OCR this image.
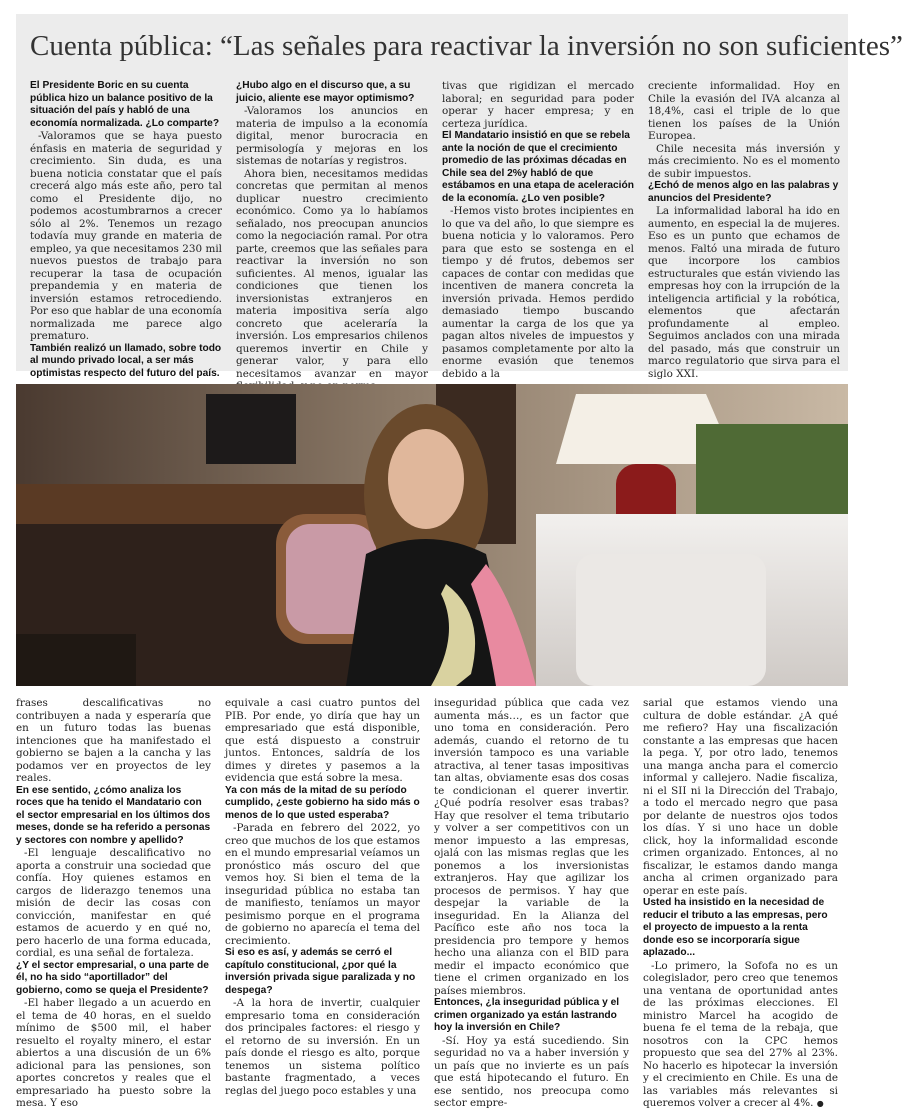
Cuenta pública: “Las señales para reactivar la inversión no son suficientes”

El Presidente Boric en su cuenta pública hizo un balance positivo de la situación del país y habló de una economía normalizada. ¿Lo comparte?

-Valoramos que se haya puesto énfasis en materia de seguridad y crecimiento. Sin duda, es una buena noticia constatar que el país crecerá algo más este año, pero tal como el Presidente dijo, no podemos acostumbrarnos a crecer sólo al 2%. Tenemos un rezago todavía muy grande en materia de empleo, ya que necesitamos 230 mil nuevos puestos de trabajo para recuperar la tasa de ocupación prepandemia y en materia de inversión estamos retrocediendo. Por eso que hablar de una economía normalizada me parece algo prematuro.

También realizó un llamado, sobre todo al mundo privado local, a ser más optimistas respecto del futuro del país.

¿Hubo algo en el discurso que, a su juicio, aliente ese mayor optimismo?

-Valoramos los anuncios en materia de impulso a la economía digital, menor burocracia en permisología y mejoras en los sistemas de notarías y registros.

Ahora bien, necesitamos medidas concretas que permitan al menos duplicar nuestro crecimiento económico. Como ya lo habíamos señalado, nos preocupan anuncios como la negociación ramal. Por otra parte, creemos que las señales para reactivar la inversión no son suficientes. Al menos, igualar las condiciones que tienen los inversionistas extranjeros en materia impositiva sería algo concreto que aceleraría la inversión. Los empresarios chilenos queremos invertir en Chile y generar valor, y para ello necesitamos avanzar en mayor

tivas que rigidizan el mercado laboral; en seguridad para poder operar y hacer empresa; y en certeza jurídica.

El Mandatario insistió en que se rebela ante la noción de que el crecimiento promedio de las próximas décadas en Chile sea del 2%y habló de que estábamos en una etapa de aceleración de la economía. ¿Lo ven posible?

-Hemos visto brotes incipientes en lo que va del año, lo que siempre es buena noticia y lo valoramos. Pero para que esto se sostenga en el tiempo y dé frutos, debemos ser capaces de contar con medidas que incentiven de manera concreta la inversión privada. Hemos perdido demasiado tiempo buscando aumentar la carga de los que ya pagan altos niveles de impuestos y pasamos completamente por alto la enorme evasión que tenemos debido a la

creciente informalidad. Hoy en Chile la evasión del IVA alcanza al 18,4%, casi el triple de lo que tienen los países de la Unión Europea.

Chile necesita más inversión y más crecimiento. No es el momento de subir impuestos.

¿Echó de menos algo en las palabras y anuncios del Presidente?

La informalidad laboral ha ido en aumento, en especial la de mujeres. Eso es un punto que echamos de menos. Faltó una mirada de futuro que incorpore los cambios estructurales que están viviendo las empresas hoy con la irrupción de la inteligencia artificial y la robótica, elementos que afectarán profundamente al empleo. Seguimos anclados con una mirada del pasado, más que construir un marco regulatorio que sirva para el siglo XXI.

frases descalificativas no contribuyen a nada y esperaría que en un futuro todas las buenas intenciones que ha manifestado el gobierno se bajen a la cancha y las podamos ver en proyectos de ley reales.

En ese sentido, ¿cómo analiza los roces que ha tenido el Mandatario con el sector empresarial en los últimos dos meses, donde se ha referido a personas y sectores con nombre y apellido?

-El lenguaje descalificativo no aporta a construir una sociedad que confía. Hoy quienes estamos en cargos de liderazgo tenemos una misión de decir las cosas con convicción, manifestar en qué estamos de acuerdo y en qué no, pero hacerlo de una forma educada, cordial, es una señal de fortaleza.

¿Y el sector empresarial, o una parte de él, no ha sido “aportillador” del gobierno, como se queja el Presidente?

-El haber llegado a un acuerdo en el tema de 40 horas, en el sueldo mínimo de $500 mil, el haber resuelto el royalty minero, el estar abiertos a una discusión de un 6% adicional para las pensiones, son aportes concretos y reales que el empresariado ha puesto sobre la mesa. Y eso

equivale a casi cuatro puntos del PIB. Por ende, yo diría que hay un empresariado que está disponible, que está dispuesto a construir juntos. Entonces, saldría de los dimes y diretes y pasemos a la evidencia que está sobre la mesa.

Ya con más de la mitad de su período cumplido, ¿este gobierno ha sido más o menos de lo que usted esperaba?

-Parada en febrero del 2022, yo creo que muchos de los que estamos en el mundo empresarial veíamos un pronóstico más oscuro del que vemos hoy. Si bien el tema de la inseguridad pública no estaba tan de manifiesto, teníamos un mayor pesimismo porque en el programa de gobierno no aparecía el tema del crecimiento.

Si eso es así, y además se cerró el capítulo constitucional, ¿por qué la inversión privada sigue paralizada y no despega?

-A la hora de invertir, cualquier empresario toma en consideración dos principales factores: el riesgo y el retorno de su inversión. En un país donde el riesgo es alto, porque tenemos un sistema político bastante fragmentado, a veces reglas del juego poco estables y una

inseguridad pública que cada vez aumenta más…, es un factor que uno toma en consideración. Pero además, cuando el retorno de tu inversión tampoco es una variable atractiva, al tener tasas impositivas tan altas, obviamente esas dos cosas te condicionan el querer invertir. ¿Qué podría resolver esas trabas? Hay que resolver el tema tributario y volver a ser competitivos con un menor impuesto a las empresas, ojalá con las mismas reglas que les ponemos a los inversionistas extranjeros. Hay que agilizar los procesos de permisos. Y hay que despejar la variable de la inseguridad. En la Alianza del Pacífico este año nos toca la presidencia pro tempore y hemos hecho una alianza con el BID para medir el impacto económico que tiene el crimen organizado en los países miembros.

Entonces, ¿la inseguridad pública y el crimen organizado ya están lastrando hoy la inversión en Chile?

-Sí. Hoy ya está sucediendo. Sin seguridad no va a haber inversión y un país que no invierte es un país que está hipotecando el futuro. En ese sentido, nos preocupa como sector empre-

sarial que estamos viendo una cultura de doble estándar. ¿A qué me refiero? Hay una fiscalización constante a las empresas que hacen la pega. Y, por otro lado, tenemos una manga ancha para el comercio informal y callejero. Nadie fiscaliza, ni el SII ni la Dirección del Trabajo, a todo el mercado negro que pasa por delante de nuestros ojos todos los días. Y si uno hace un doble click, hoy la informalidad esconde crimen organizado. Entonces, al no fiscalizar, le estamos dando manga ancha al crimen organizado para operar en este país.

Usted ha insistido en la necesidad de reducir el tributo a las empresas, pero el proyecto de impuesto a la renta donde eso se incorporaría sigue aplazado...

-Lo primero, la Sofofa no es un colegislador, pero creo que tenemos una ventana de oportunidad antes de las próximas elecciones. El ministro Marcel ha acogido de buena fe el tema de la rebaja, que nosotros con la CPC hemos propuesto que sea del 27% al 23%. No hacerlo es hipotecar la inversión y el crecimiento en Chile. Es una de las variables más relevantes si queremos volver a crecer al 4%. ●
